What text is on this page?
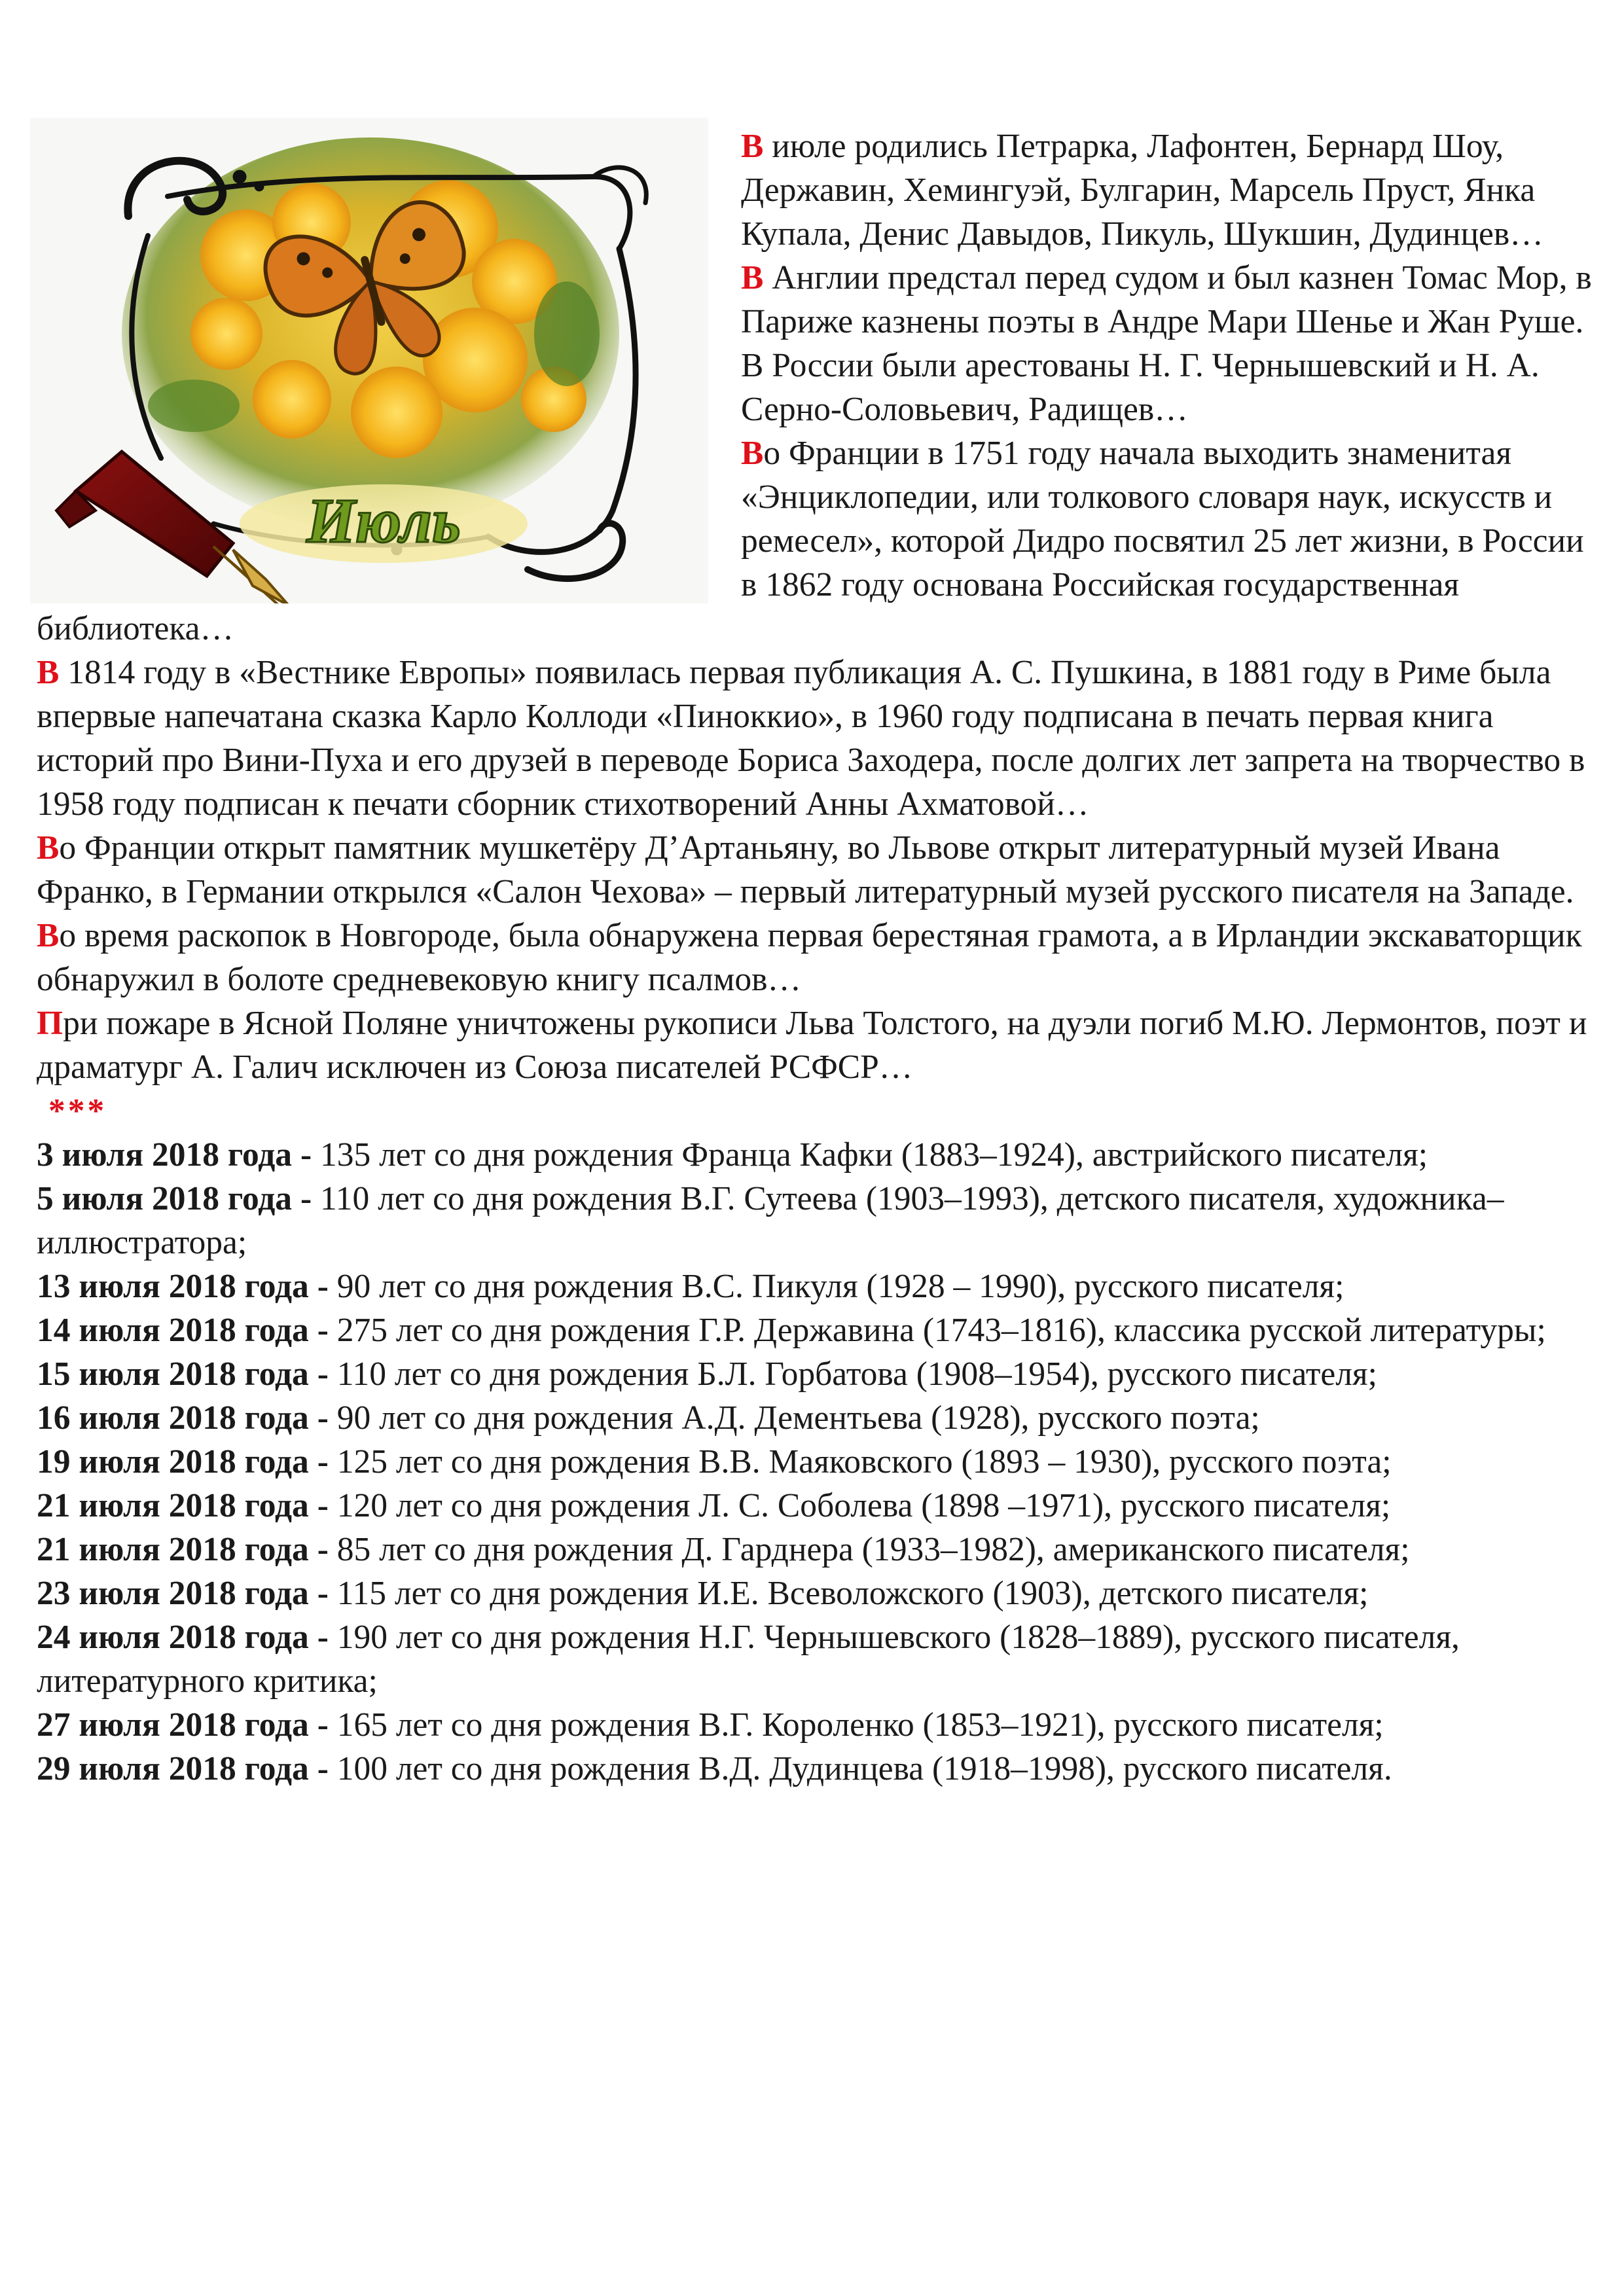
Июль

В июле родились Петрарка, Лафонтен, Бернард Шоу, Державин, Хемингуэй, Булгарин, Марсель Пруст, Янка Купала, Денис Давыдов, Пикуль, Шукшин, Дудинцев…

В Англии предстал перед судом и был казнен Томас Мор, в Париже казнены поэты в Андре Мари Шенье и Жан Руше. В России были арестованы Н. Г. Чернышевский и Н. А. Серно-Соловьевич, Радищев…

Во Франции в 1751 году начала выходить знаменитая «Энциклопедии, или толкового словаря наук, искусств и ремесел», которой Дидро посвятил 25 лет жизни, в России в 1862 году основана Российская государственная библиотека…

В 1814 году в «Вестнике Европы» появилась первая публикация А. С. Пушкина, в 1881 году в Риме была впервые напечатана сказка Карло Коллоди «Пиноккио», в 1960 году подписана в печать первая книга историй про Вини-Пуха и его друзей в переводе Бориса Заходера, после долгих лет запрета на творчество в 1958 году подписан к печати сборник стихотворений Анны Ахматовой…

Во Франции открыт памятник мушкетёру Д’Артаньяну, во Львове открыт литературный музей Ивана Франко, в Германии открылся «Салон Чехова» – первый литературный музей русского писателя на Западе.

Во время раскопок в Новгороде, была обнаружена первая берестяная грамота, а в Ирландии экскаваторщик обнаружил в болоте средневековую книгу псалмов…

При пожаре в Ясной Поляне уничтожены рукописи Льва Толстого, на дуэли погиб М.Ю. Лермонтов, поэт и драматург А. Галич исключен из Союза писателей РСФСР…

***

3 июля 2018 года - 135 лет со дня рождения Франца Кафки (1883–1924), австрийского писателя;

5 июля 2018 года - 110 лет со дня рождения В.Г. Сутеева (1903–1993), детского писателя, художника– иллюстратора;

13 июля 2018 года - 90 лет со дня рождения В.С. Пикуля (1928 – 1990), русского писателя;

14 июля 2018 года - 275 лет со дня рождения Г.Р. Державина (1743–1816), классика русской литературы;

15 июля 2018 года - 110 лет со дня рождения Б.Л. Горбатова (1908–1954), русского писателя;

16 июля 2018 года - 90 лет со дня рождения А.Д. Дементьева (1928), русского поэта;

19 июля 2018 года - 125 лет со дня рождения В.В. Маяковского (1893 – 1930), русского поэта;

21 июля 2018 года - 120 лет со дня рождения Л. С. Соболева (1898 –1971), русского писателя;

21 июля 2018 года - 85 лет со дня рождения Д. Гарднера (1933–1982), американского писателя;

23 июля 2018 года - 115 лет со дня рождения И.Е. Всеволожского (1903), детского писателя;

24 июля 2018 года - 190 лет со дня рождения Н.Г. Чернышевского (1828–1889), русского писателя, литературного критика;

27 июля 2018 года - 165 лет со дня рождения В.Г. Короленко (1853–1921), русского писателя;

29 июля 2018 года - 100 лет со дня рождения В.Д. Дудинцева (1918–1998), русского писателя.
